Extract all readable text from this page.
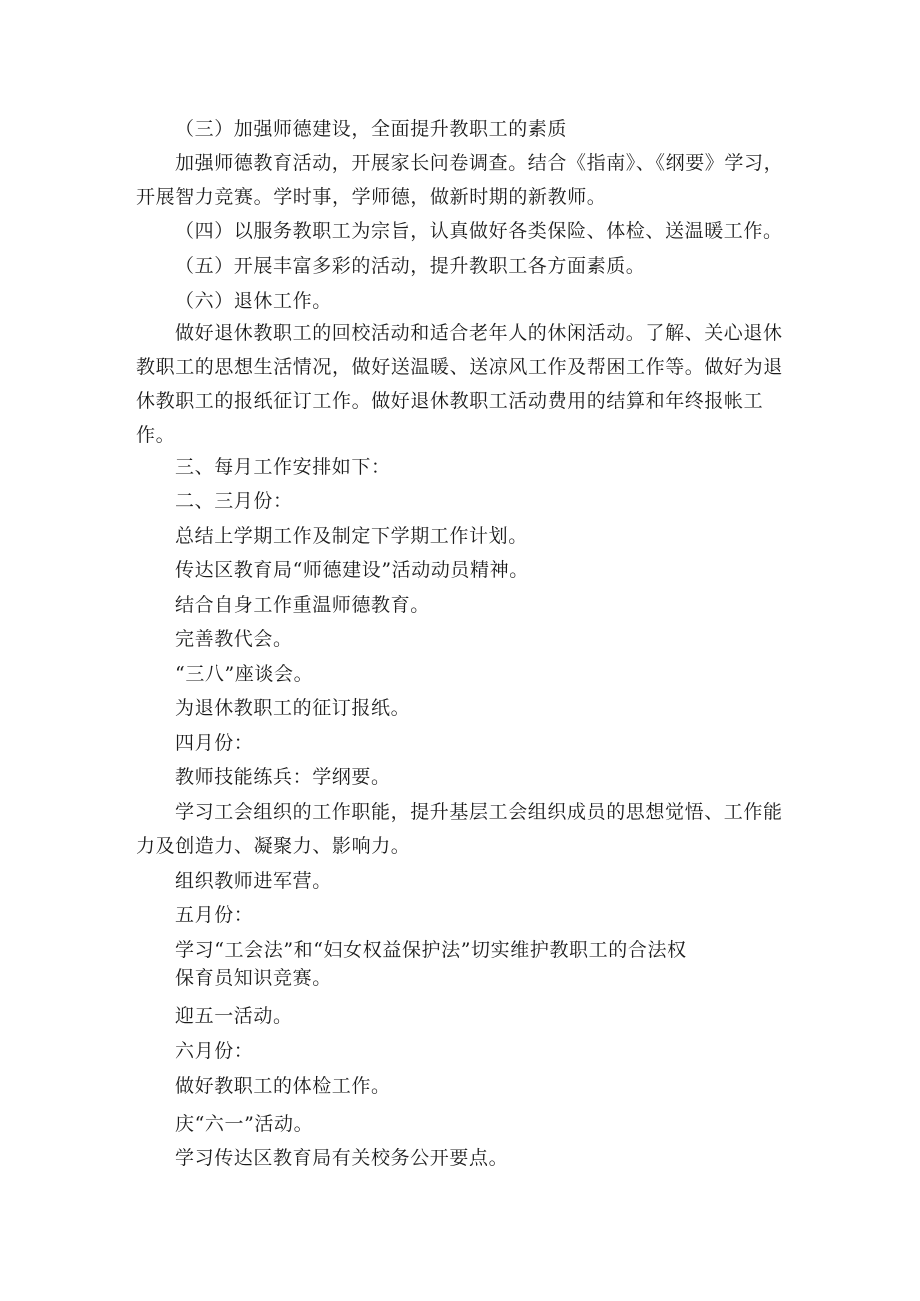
（三）加强师德建设，全面提升教职工的素质
加强师德教育活动，开展家长问卷调查。结合《指南》、《纲要》学习，开展智力竞赛。学时事，学师德，做新时期的新教师。
（四）以服务教职工为宗旨，认真做好各类保险、体检、送温暖工作。
（五）开展丰富多彩的活动，提升教职工各方面素质。
（六）退休工作。
做好退休教职工的回校活动和适合老年人的休闲活动。了解、关心退休教职工的思想生活情况，做好送温暖、送凉风工作及帮困工作等。做好为退休教职工的报纸征订工作。做好退休教职工活动费用的结算和年终报帐工作。
三、每月工作安排如下：
二、三月份：
总结上学期工作及制定下学期工作计划。
传达区教育局“师德建设”活动动员精神。
结合自身工作重温师德教育。
完善教代会。
“三八”座谈会。
为退休教职工的征订报纸。
四月份：
教师技能练兵：学纲要。
学习工会组织的工作职能，提升基层工会组织成员的思想觉悟、工作能力及创造力、凝聚力、影响力。
组织教师进军营。
五月份：
学习“工会法”和“妇女权益保护法”切实维护教职工的合法权
保育员知识竞赛。
迎五一活动。
六月份：
做好教职工的体检工作。
庆“六一”活动。
学习传达区教育局有关校务公开要点。
